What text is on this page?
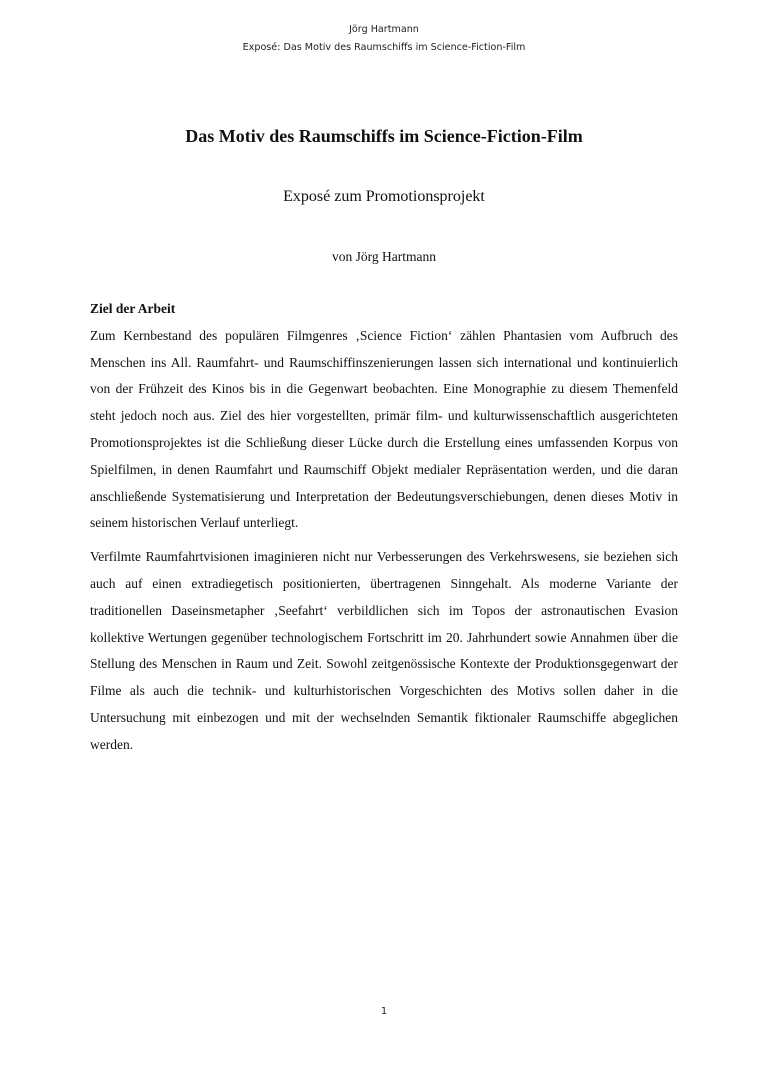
Jörg Hartmann
Exposé: Das Motiv des Raumschiffs im Science-Fiction-Film
Das Motiv des Raumschiffs im Science-Fiction-Film
Exposé zum Promotionsprojekt
von Jörg Hartmann
Ziel der Arbeit

Zum Kernbestand des populären Filmgenres ‚Science Fiction‘ zählen Phantasien vom Aufbruch des Menschen ins All. Raumfahrt- und Raumschiffinszenierungen lassen sich international und kontinuierlich von der Frühzeit des Kinos bis in die Gegenwart beobachten. Eine Monographie zu diesem Themenfeld steht jedoch noch aus. Ziel des hier vorgestellten, primär film- und kulturwissenschaftlich ausgerichteten Promotionsprojektes ist die Schließung dieser Lücke durch die Erstellung eines umfassenden Korpus von Spielfilmen, in denen Raumfahrt und Raumschiff Objekt medialer Repräsentation werden, und die daran anschließende Systematisierung und Interpretation der Bedeutungsverschiebungen, denen dieses Motiv in seinem historischen Verlauf unterliegt.

Verfilmte Raumfahrtvisionen imaginieren nicht nur Verbesserungen des Verkehrswesens, sie beziehen sich auch auf einen extradiegetisch positionierten, übertragenen Sinngehalt. Als moderne Variante der traditionellen Daseinsmetapher ‚Seefahrt‘ verbildlichen sich im Topos der astronautischen Evasion kollektive Wertungen gegenüber technologischem Fortschritt im 20. Jahrhundert sowie Annahmen über die Stellung des Menschen in Raum und Zeit. Sowohl zeitgenössische Kontexte der Produktionsgegenwart der Filme als auch die technik- und kulturhistorischen Vorgeschichten des Motivs sollen daher in die Untersuchung mit einbezogen und mit der wechselnden Semantik fiktionaler Raumschiffe abgeglichen werden.

1
